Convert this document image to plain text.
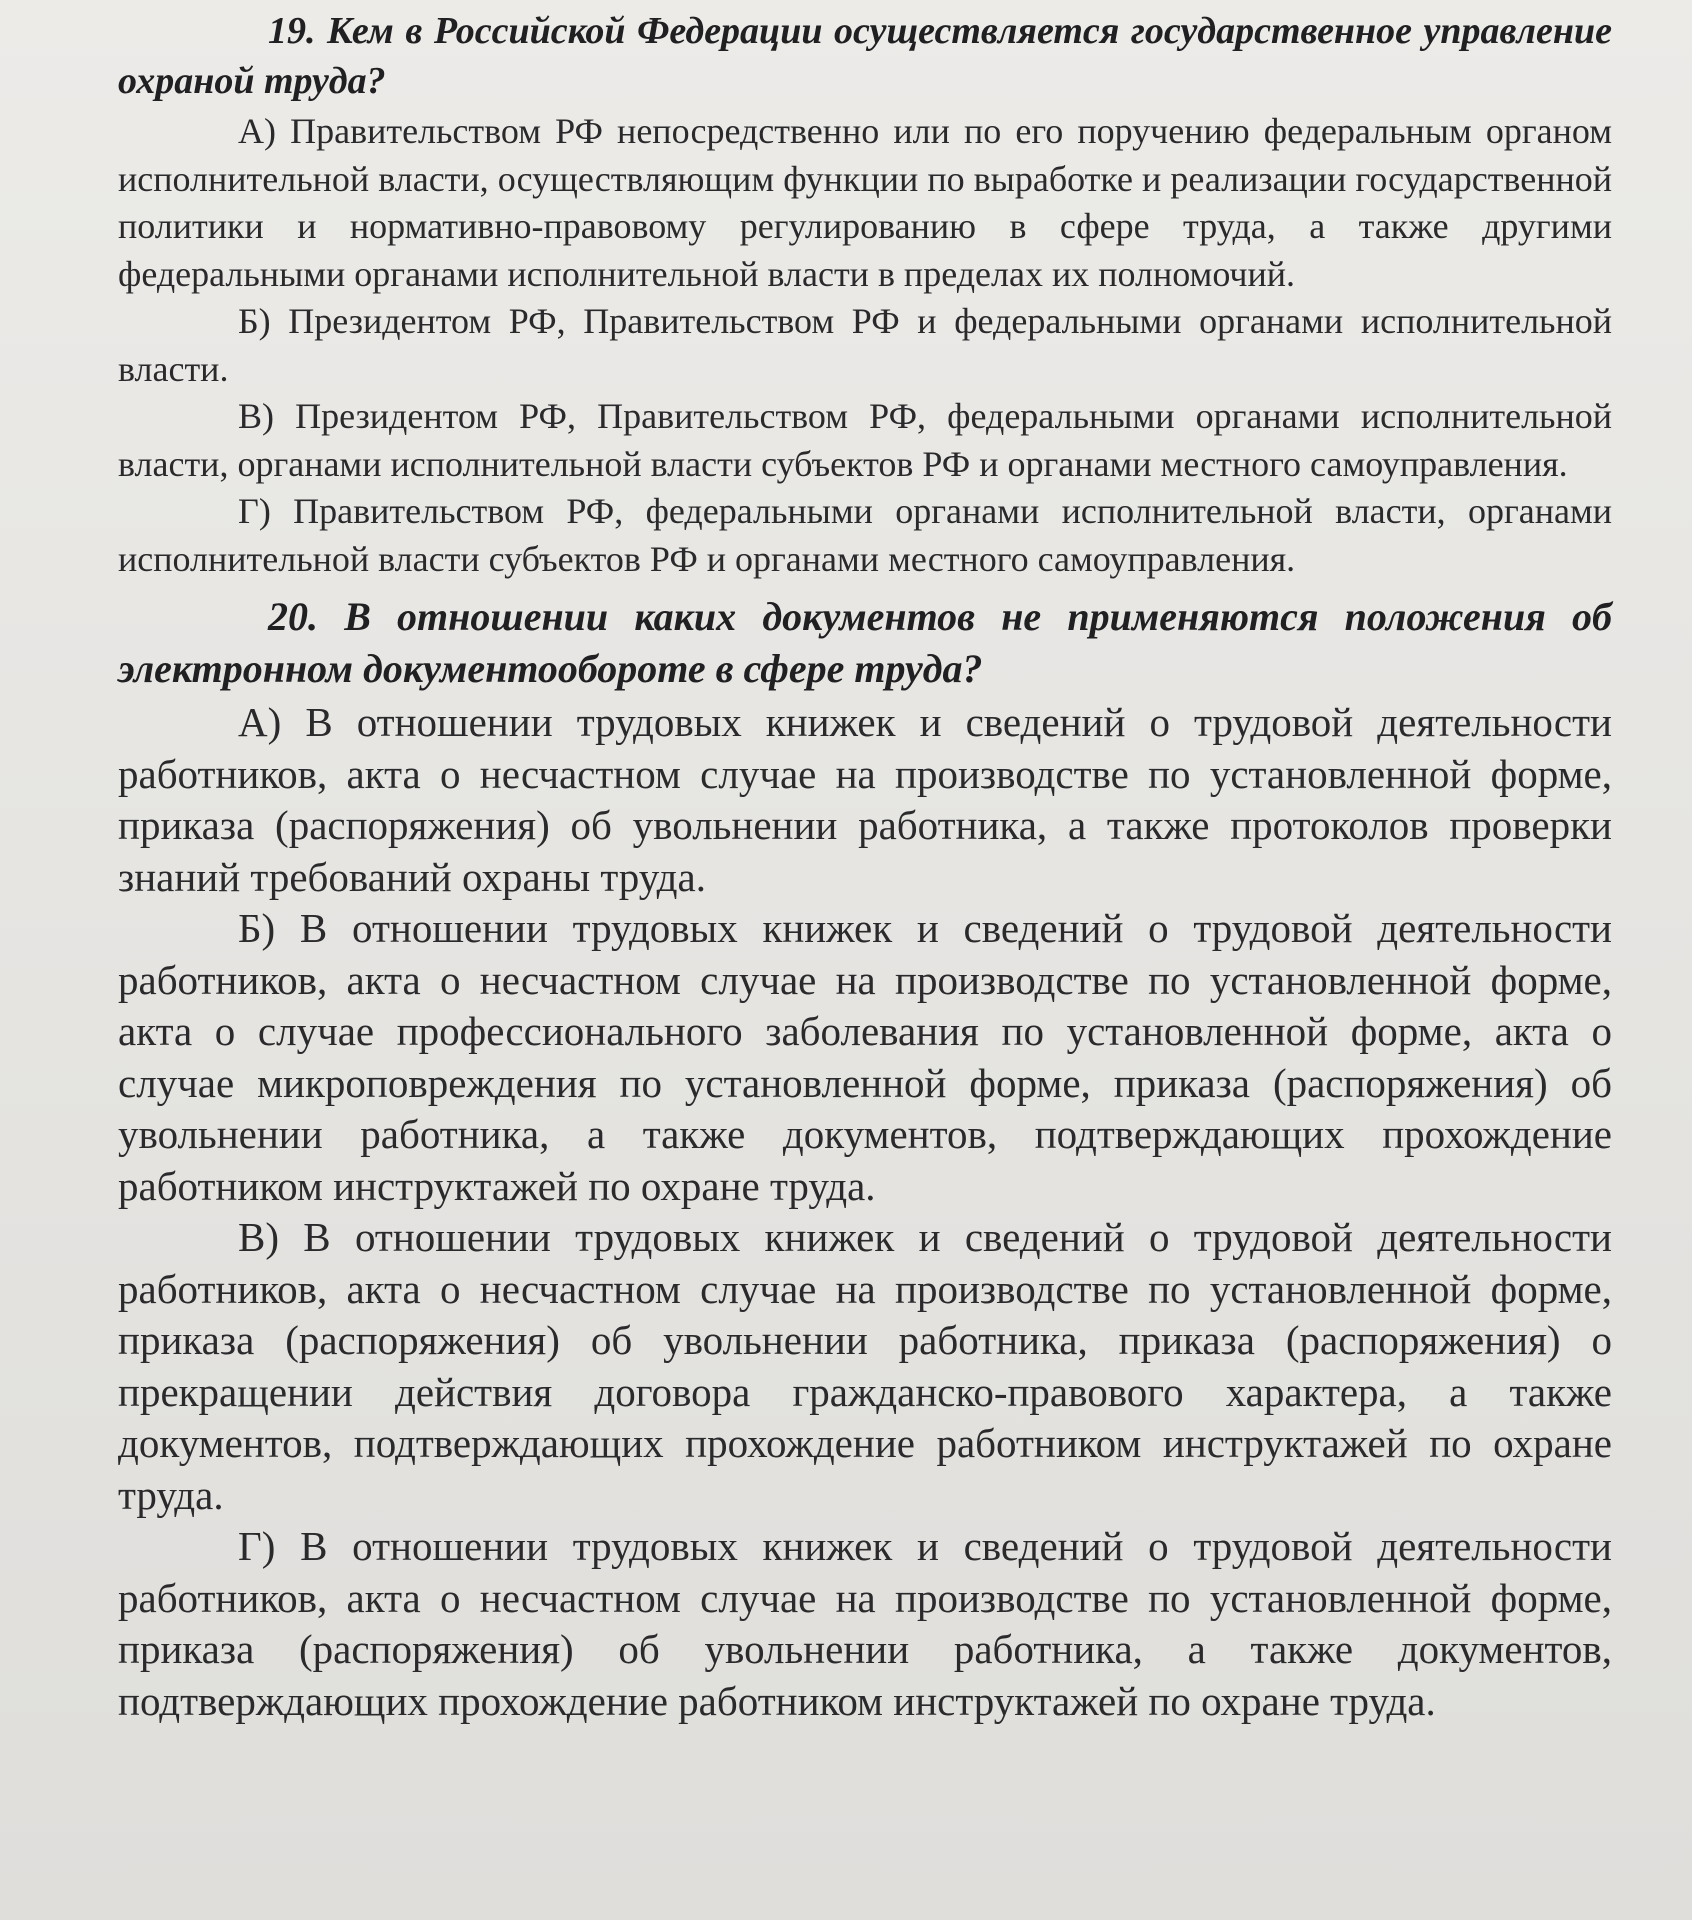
19. Кем в Российской Федерации осуществляется государственное управление охраной труда?

А) Правительством РФ непосредственно или по его поручению федеральным органом исполнительной власти, осуществляющим функции по выработке и реализации государственной политики и нормативно-правовому регулированию в сфере труда, а также другими федеральными органами исполнительной власти в пределах их полномочий.

Б) Президентом РФ, Правительством РФ и федеральными органами исполнительной власти.

В) Президентом РФ, Правительством РФ, федеральными органами исполнительной власти, органами исполнительной власти субъектов РФ и органами местного самоуправления.

Г) Правительством РФ, федеральными органами исполнительной власти, органами исполнительной власти субъектов РФ и органами местного самоуправления.

20. В отношении каких документов не применяются положения об электронном документообороте в сфере труда?

А) В отношении трудовых книжек и сведений о трудовой деятельности работников, акта о несчастном случае на производстве по установленной форме, приказа (распоряжения) об увольнении работника, а также протоколов проверки знаний требований охраны труда.

Б) В отношении трудовых книжек и сведений о трудовой деятельности работников, акта о несчастном случае на производстве по установленной форме, акта о случае профессионального заболевания по установленной форме, акта о случае микроповреждения по установленной форме, приказа (распоряжения) об увольнении работника, а также документов, подтверждающих прохождение работником инструктажей по охране труда.

В) В отношении трудовых книжек и сведений о трудовой деятельности работников, акта о несчастном случае на производстве по установленной форме, приказа (распоряжения) об увольнении работника, приказа (распоряжения) о прекращении действия договора гражданско-правового характера, а также документов, подтверждающих прохождение работником инструктажей по охране труда.

Г) В отношении трудовых книжек и сведений о трудовой деятельности работников, акта о несчастном случае на производстве по установленной форме, приказа (распоряжения) об увольнении работника, а также документов, подтверждающих прохождение работником инструктажей по охране труда.
